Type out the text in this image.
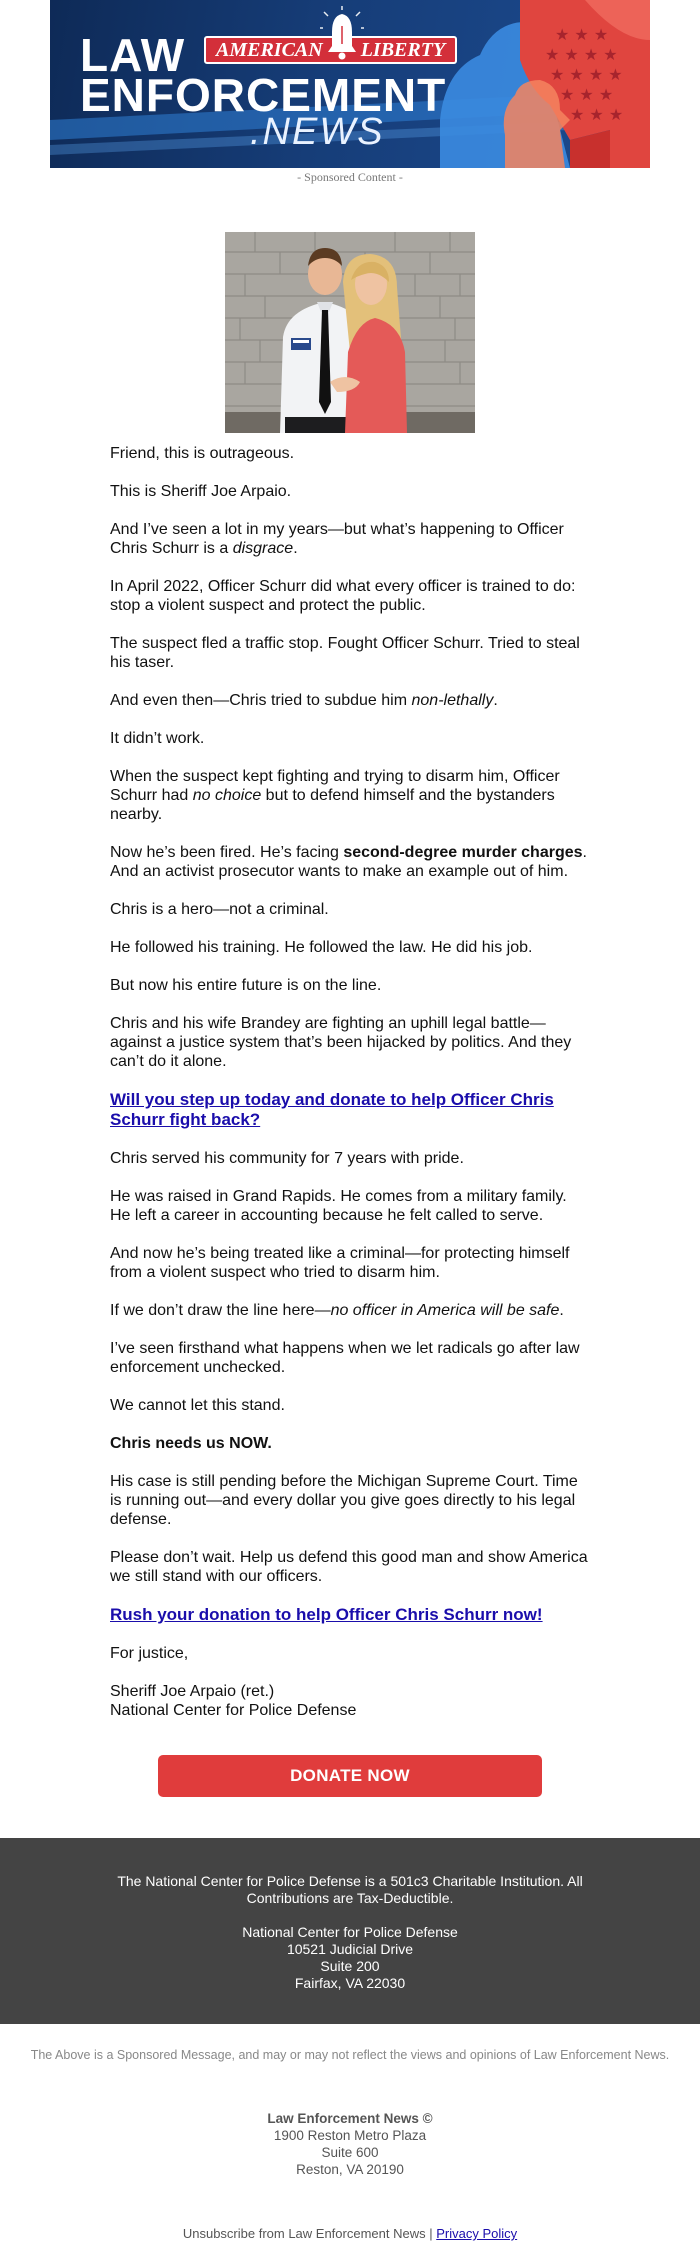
★ ★ ★
★ ★ ★ ★
★ ★ ★ ★
★ ★ ★
★ ★ ★
LAW
ENFORCEMENT
.NEWS
AMERICAN LIBERTY
- Sponsored Content -

Friend, this is outrageous.

This is Sheriff Joe Arpaio.

And I’ve seen a lot in my years—but what’s happening to Officer Chris Schurr is a disgrace.

In April 2022, Officer Schurr did what every officer is trained to do: stop a violent suspect and protect the public.

The suspect fled a traffic stop. Fought Officer Schurr. Tried to steal his taser.

And even then—Chris tried to subdue him non-lethally.

It didn’t work.

When the suspect kept fighting and trying to disarm him, Officer Schurr had no choice but to defend himself and the bystanders nearby.

Now he’s been fired. He’s facing second-degree murder charges. And an activist prosecutor wants to make an example out of him.

Chris is a hero—not a criminal.

He followed his training. He followed the law. He did his job.

But now his entire future is on the line.

Chris and his wife Brandey are fighting an uphill legal battle—against a justice system that’s been hijacked by politics. And they can’t do it alone.

Will you step up today and donate to help Officer Chris Schurr fight back?

Chris served his community for 7 years with pride.

He was raised in Grand Rapids. He comes from a military family. He left a career in accounting because he felt called to serve.

And now he’s being treated like a criminal—for protecting himself from a violent suspect who tried to disarm him.

If we don’t draw the line here—no officer in America will be safe.

I’ve seen firsthand what happens when we let radicals go after law enforcement unchecked.

We cannot let this stand.

Chris needs us NOW.

His case is still pending before the Michigan Supreme Court. Time is running out—and every dollar you give goes directly to his legal defense.

Please don’t wait. Help us defend this good man and show America we still stand with our officers.

Rush your donation to help Officer Chris Schurr now!

For justice,

Sheriff Joe Arpaio (ret.)

National Center for Police Defense

DONATE NOW
The National Center for Police Defense is a 501c3 Charitable Institution. All
Contributions are Tax-Deductible.
National Center for Police Defense
10521 Judicial Drive
Suite 200
Fairfax, VA 22030
The Above is a Sponsored Message, and may or may not reflect the views and opinions of Law Enforcement News.
Law Enforcement News ©
1900 Reston Metro Plaza
Suite 600
Reston, VA 20190
Unsubscribe from Law Enforcement News | Privacy Policy
